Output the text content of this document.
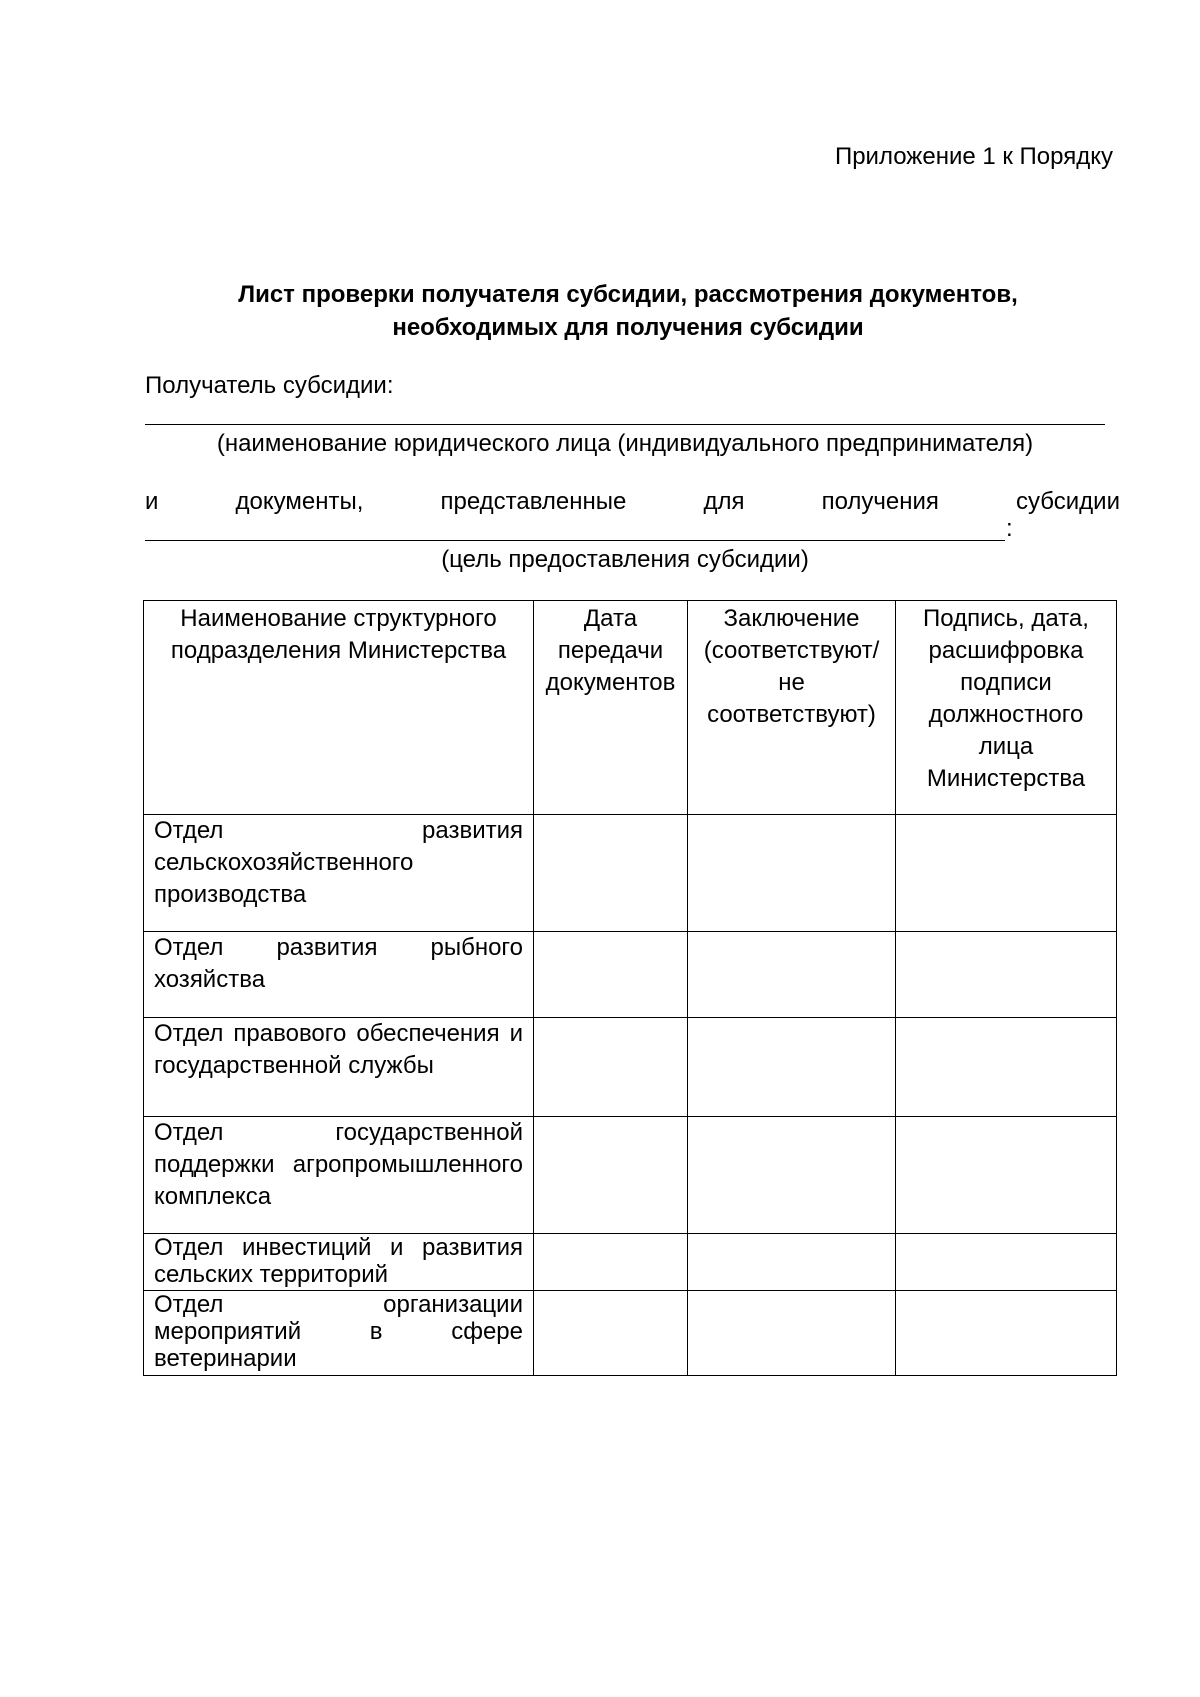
Приложение 1 к Порядку
Лист проверки получателя субсидии, рассмотрения документов,
необходимых для получения субсидии
Получатель субсидии:
(наименование юридического лица (индивидуального предпринимателя)
и	документы,	представленные	для	получения	субсидии
:
(цель предоставления субсидии)
Наименование структурного подразделения Министерства	Дата передачи документов	Заключение (соответствуют/ не соответствуют)	Подпись, дата, расшифровка подписи должностного лица Министерства
Отдел развития сельскохозяйственного производства			
Отдел развития рыбного хозяйства			
Отдел правового обеспечения и государственной службы			
Отдел государственной поддержки агропромышленного комплекса			
Отдел инвестиций и развития сельских территорий			
Отдел организации мероприятий в сфере ветеринарии			
